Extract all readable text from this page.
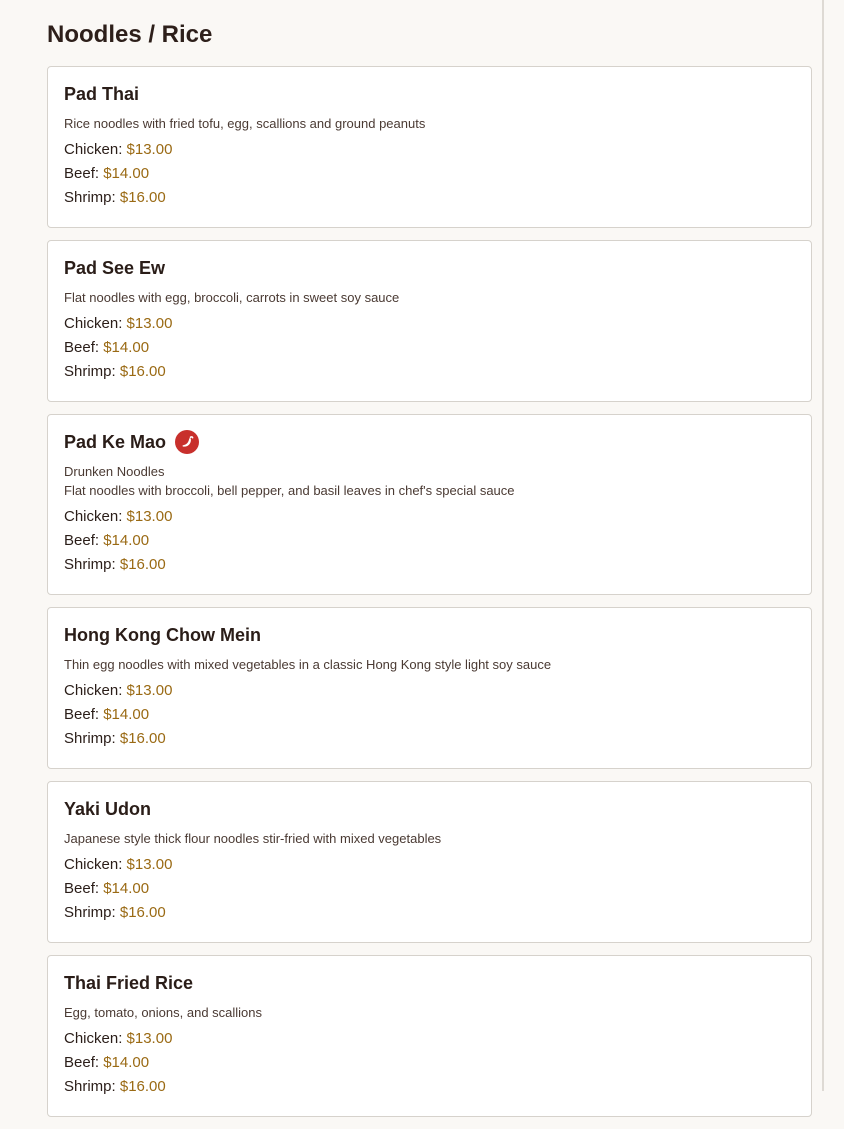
Noodles / Rice
Pad Thai
Rice noodles with fried tofu, egg, scallions and ground peanuts
Chicken: $13.00
Beef: $14.00
Shrimp: $16.00
Pad See Ew
Flat noodles with egg, broccoli, carrots in sweet soy sauce
Chicken: $13.00
Beef: $14.00
Shrimp: $16.00
Pad Ke Mao
Drunken Noodles
Flat noodles with broccoli, bell pepper, and basil leaves in chef's special sauce
Chicken: $13.00
Beef: $14.00
Shrimp: $16.00
Hong Kong Chow Mein
Thin egg noodles with mixed vegetables in a classic Hong Kong style light soy sauce
Chicken: $13.00
Beef: $14.00
Shrimp: $16.00
Yaki Udon
Japanese style thick flour noodles stir-fried with mixed vegetables
Chicken: $13.00
Beef: $14.00
Shrimp: $16.00
Thai Fried Rice
Egg, tomato, onions, and scallions
Chicken: $13.00
Beef: $14.00
Shrimp: $16.00
